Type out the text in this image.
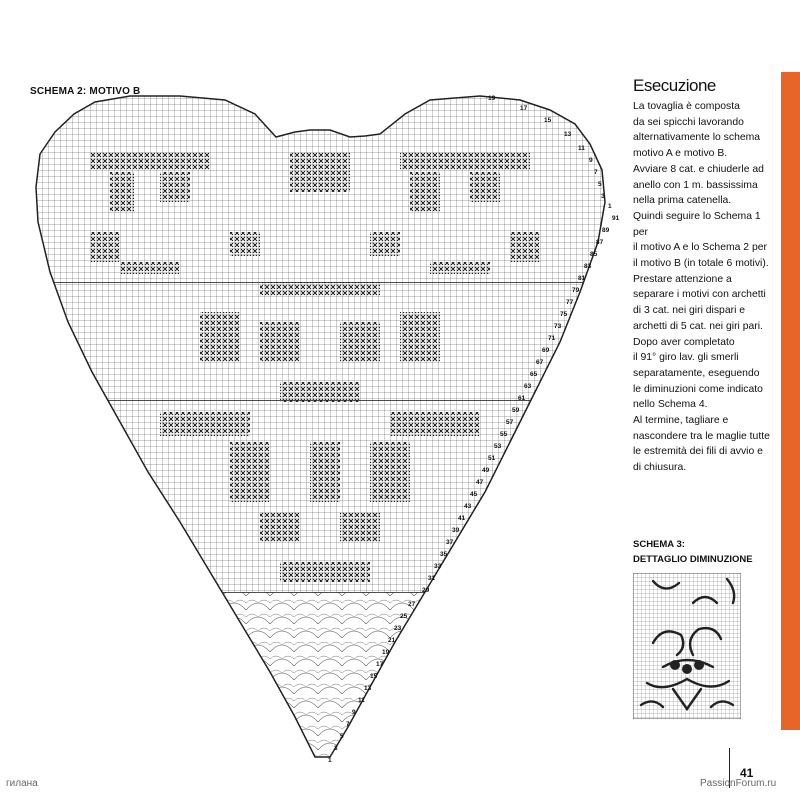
SCHEMA 2: MOTIVO B
19
17
15
13
11
9
7
5
3
1
91
89
87
85
83
81
79
77
75
73
71
69
67
65
63
61
59
57
55
53
51
49
47
45
43
41
39
37
35
33
31
29
27
25
23
21
19
17
15
13
11
9
7
5
3
1
Esecuzione

La tovaglia è composta

da sei spicchi lavorando

alternativamente lo schema

motivo A e motivo B.

Avviare 8 cat. e chiuderle ad

anello con 1 m. bassissima

nella prima catenella.

Quindi seguire lo Schema 1 per

il motivo A e lo Schema 2 per

il motivo B (in totale 6 motivi).

Prestare attenzione a

separare i motivi con archetti

di 3 cat. nei giri dispari e

archetti di 5 cat. nei giri pari.

Dopo aver completato

il 91° giro lav. gli smerli

separatamente, eseguendo

le diminuzioni come indicato

nello Schema 4.

Al termine, tagliare e

nascondere tra le maglie tutte

le estremità dei fili di avvio e

di chiusura.

SCHEMA 3:
DETTAGLIO DIMINUZIONE
41
гилана	PassionForum.ru
